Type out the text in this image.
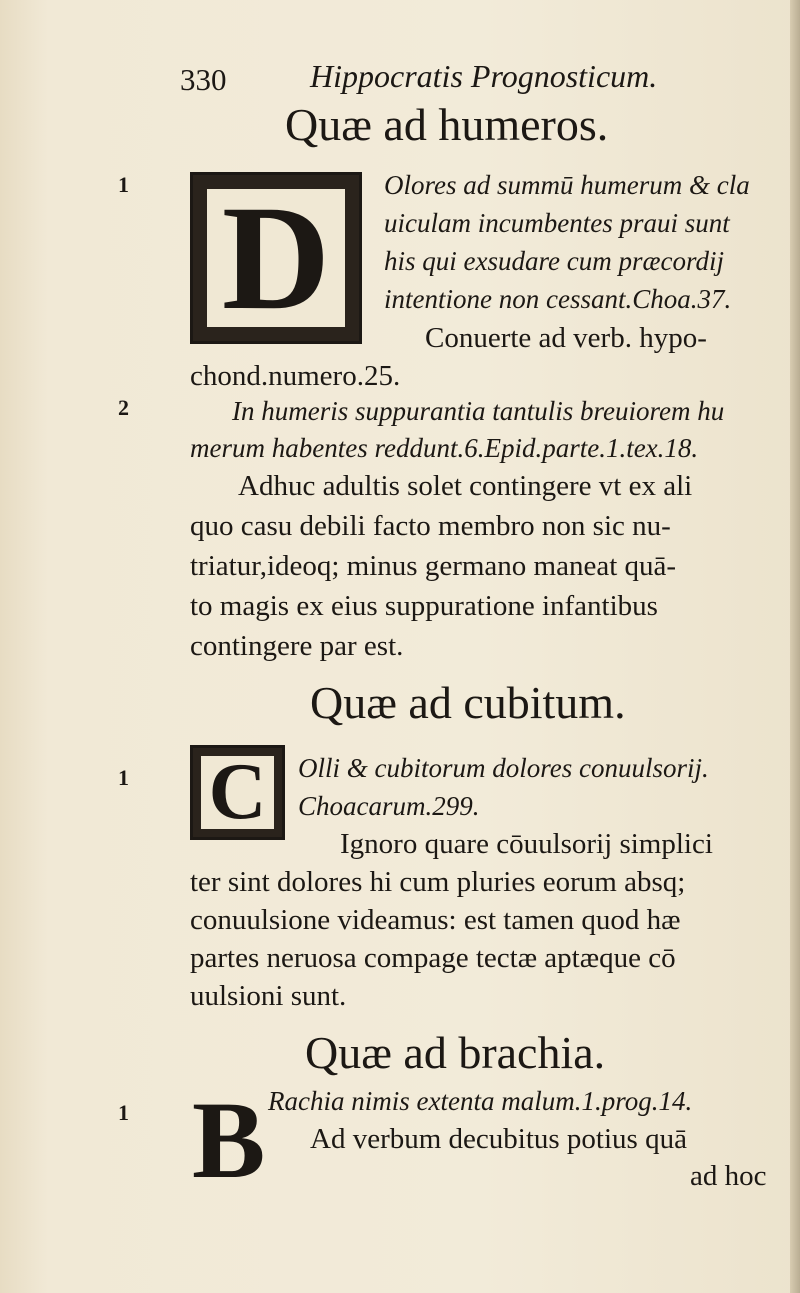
330	Hippocratis Prognosticum.
Quæ ad humeros.
1 D Olores ad summū humerum & cla
uiculam incumbentes praui sunt
his qui exsudare cum præcordij
intentione non cessant.Choa.37.
Conuerte ad verb. hypo-
chond.numero.25.
2	In humeris suppurantia tantulis breuiorem hu
merum habentes reddunt.6.Epid.parte.1.tex.18.
Adhuc adultis solet contingere vt ex ali
quo casu debili facto membro non sic nu-
triatur,ideoq; minus germano maneat quā-
to magis ex eius suppuratione infantibus
contingere par est.
Quæ ad cubitum.
1 C Olli & cubitorum dolores conuulsorij.
Choacarum.299.
Ignoro quare cōuulsorij simplici
ter sint dolores hi cum pluries eorum absq;
conuulsione videamus: est tamen quod hæ
partes neruosa compage tectæ aptæque cō
uulsioni sunt.
Quæ ad brachia.
1 B Rachia nimis extenta malum.1.prog.14.
Ad verbum decubitus potius quā
ad hoc
